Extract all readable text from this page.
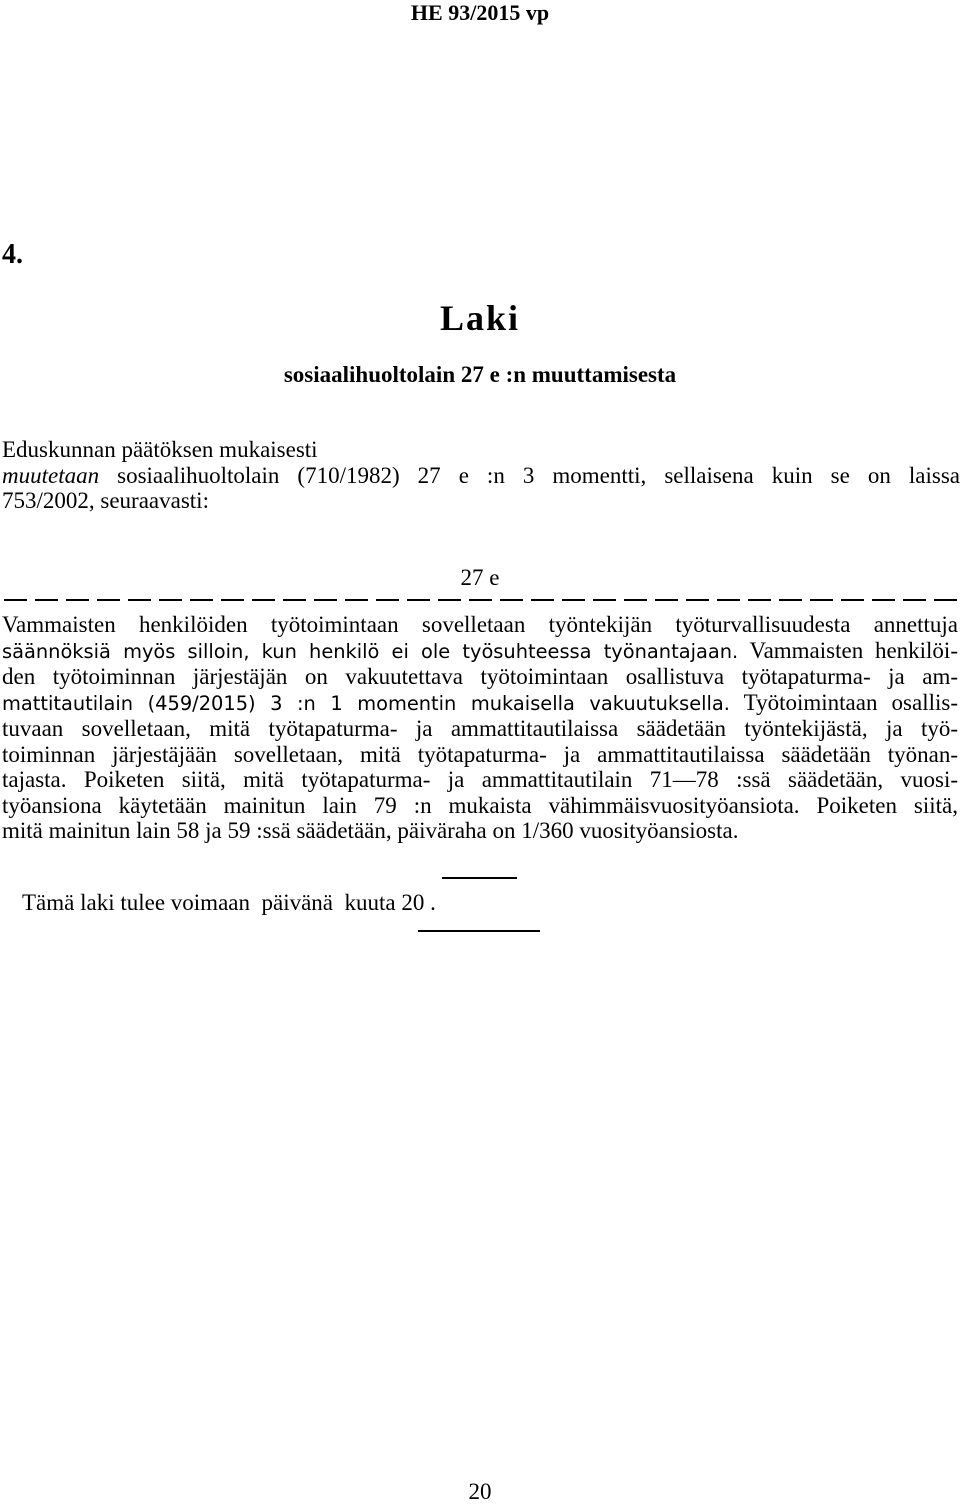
HE 93/2015 vp
4.
Laki
sosiaalihuoltolain 27 e :n muuttamisesta
Eduskunnan päätöksen mukaisesti
muutetaan sosiaalihuoltolain (710/1982) 27 e :n 3 momentti, sellaisena kuin se on laissa
753/2002, seuraavasti:
27 e
Vammaisten henkilöiden työtoimintaan sovelletaan työntekijän työturvallisuudesta annettuja
säännöksiä myös silloin, kun henkilö ei ole työsuhteessa työnantajaan. Vammaisten henkilöi-
den työtoiminnan järjestäjän on vakuutettava työtoimintaan osallistuva työtapaturma- ja am-
mattitautilain (459/2015) 3 :n 1 momentin mukaisella vakuutuksella. Työtoimintaan osallis-
tuvaan sovelletaan, mitä työtapaturma- ja ammattitautilaissa säädetään työntekijästä, ja työ-
toiminnan järjestäjään sovelletaan, mitä työtapaturma- ja ammattitautilaissa säädetään työnan-
tajasta. Poiketen siitä, mitä työtapaturma- ja ammattitautilain 71—78 :ssä säädetään, vuosi-
työansiona käytetään mainitun lain 79 :n mukaista vähimmäisvuosityöansiota. Poiketen siitä,
mitä mainitun lain 58 ja 59 :ssä säädetään, päiväraha on 1/360 vuosityöansiosta.
Tämä laki tulee voimaan  päivänä  kuuta 20 .
20
